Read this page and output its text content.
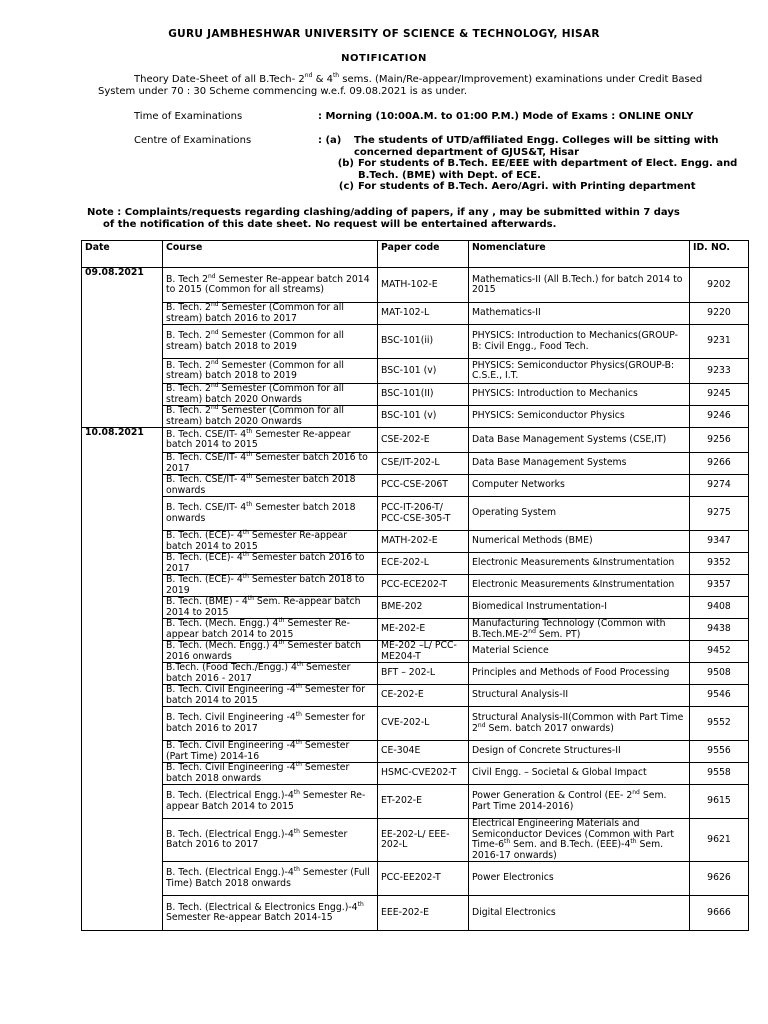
GURU JAMBHESHWAR UNIVERSITY OF SCIENCE & TECHNOLOGY, HISAR
NOTIFICATION
Theory Date-Sheet of all B.Tech- 2nd & 4th sems. (Main/Re-appear/Improvement) examinations under Credit Based System under 70 : 30 Scheme commencing w.e.f. 09.08.2021 is as under.
Time of Examinations	: Morning (10:00A.M. to 01:00 P.M.) Mode of Exams : ONLINE ONLY
Centre of Examinations	: (a)	The students of UTD/affiliated Engg. Colleges will be sitting with concerned department of GJUS&T, Hisar
(b) For students of B.Tech. EE/EEE with department of Elect. Engg. and B.Tech. (BME) with Dept. of ECE.
(c) For students of B.Tech. Aero/Agri. with Printing department
Note : Complaints/requests regarding clashing/adding of papers, if any , may be submitted within 7 days
of the notification of this date sheet. No request will be entertained afterwards.
Date	Course	Paper code	Nomenclature	ID. NO.
09.08.2021	B. Tech 2nd Semester Re-appear batch 2014 to 2015 (Common for all streams)	MATH-102-E	Mathematics-II (All B.Tech.) for batch 2014 to 2015	9202
	B. Tech. 2nd Semester (Common for all stream) batch 2016 to 2017	MAT-102-L	Mathematics-II	9220
	B. Tech. 2nd Semester (Common for all stream) batch 2018 to 2019	BSC-101(ii)	PHYSICS: Introduction to Mechanics(GROUP-B: Civil Engg., Food Tech.	9231
	B. Tech. 2nd Semester (Common for all stream) batch 2018 to 2019	BSC-101 (v)	PHYSICS: Semiconductor Physics(GROUP-B: C.S.E., I.T.	9233
	B. Tech. 2nd Semester (Common for all stream) batch 2020 Onwards	BSC-101(II)	PHYSICS: Introduction to Mechanics	9245
	B. Tech. 2nd Semester (Common for all stream) batch 2020 Onwards	BSC-101 (v)	PHYSICS: Semiconductor Physics	9246
10.08.2021	B. Tech. CSE/IT- 4th Semester Re-appear batch 2014 to 2015	CSE-202-E	Data Base Management Systems (CSE,IT)	9256
	B. Tech. CSE/IT- 4th Semester batch 2016 to 2017	CSE/IT-202-L	Data Base Management Systems	9266
	B. Tech. CSE/IT- 4th Semester batch 2018 onwards	PCC-CSE-206T	Computer Networks	9274
	B. Tech. CSE/IT- 4th Semester batch 2018 onwards	PCC-IT-206-T/ PCC-CSE-305-T	Operating System	9275
	B. Tech. (ECE)- 4th Semester Re-appear batch 2014 to 2015	MATH-202-E	Numerical Methods (BME)	9347
	B. Tech. (ECE)- 4th Semester batch 2016 to 2017	ECE-202-L	Electronic Measurements &Instrumentation	9352
	B. Tech. (ECE)- 4th Semester batch 2018 to 2019	PCC-ECE202-T	Electronic Measurements &Instrumentation	9357
	B. Tech. (BME) - 4th Sem. Re-appear batch 2014 to 2015	BME-202	Biomedical Instrumentation-I	9408
	B. Tech. (Mech. Engg.) 4th Semester Re-appear batch 2014 to 2015	ME-202-E	Manufacturing Technology (Common with B.Tech.ME-2nd Sem. PT)	9438
	B. Tech. (Mech. Engg.) 4th Semester batch 2016 onwards	ME-202 –L/ PCC-ME204-T	Material Science	9452
	B.Tech. (Food Tech./Engg.) 4th Semester batch 2016 - 2017	BFT – 202-L	Principles and Methods of Food Processing	9508
	B. Tech. Civil Engineering -4th Semester for batch 2014 to 2015	CE-202-E	Structural Analysis-II	9546
	B. Tech. Civil Engineering -4th Semester for batch 2016 to 2017	CVE-202-L	Structural Analysis-II(Common with Part Time 2nd Sem. batch 2017 onwards)	9552
	B. Tech. Civil Engineering -4th Semester (Part Time) 2014-16	CE-304E	Design of Concrete Structures-II	9556
	B. Tech. Civil Engineering -4th Semester batch 2018 onwards	HSMC-CVE202-T	Civil Engg. – Societal & Global Impact	9558
	B. Tech. (Electrical Engg.)-4th Semester Re-appear Batch 2014 to 2015	ET-202-E	Power Generation & Control (EE- 2nd Sem. Part Time 2014-2016)	9615
	B. Tech. (Electrical Engg.)-4th Semester Batch 2016 to 2017	EE-202-L/ EEE-202-L	Electrical Engineering Materials and Semiconductor Devices (Common with Part Time-6th Sem. and B.Tech. (EEE)-4th Sem. 2016-17 onwards)	9621
	B. Tech. (Electrical Engg.)-4th Semester (Full Time) Batch 2018 onwards	PCC-EE202-T	Power Electronics	9626
	B. Tech. (Electrical & Electronics Engg.)-4th Semester Re-appear Batch 2014-15	EEE-202-E	Digital Electronics	9666
